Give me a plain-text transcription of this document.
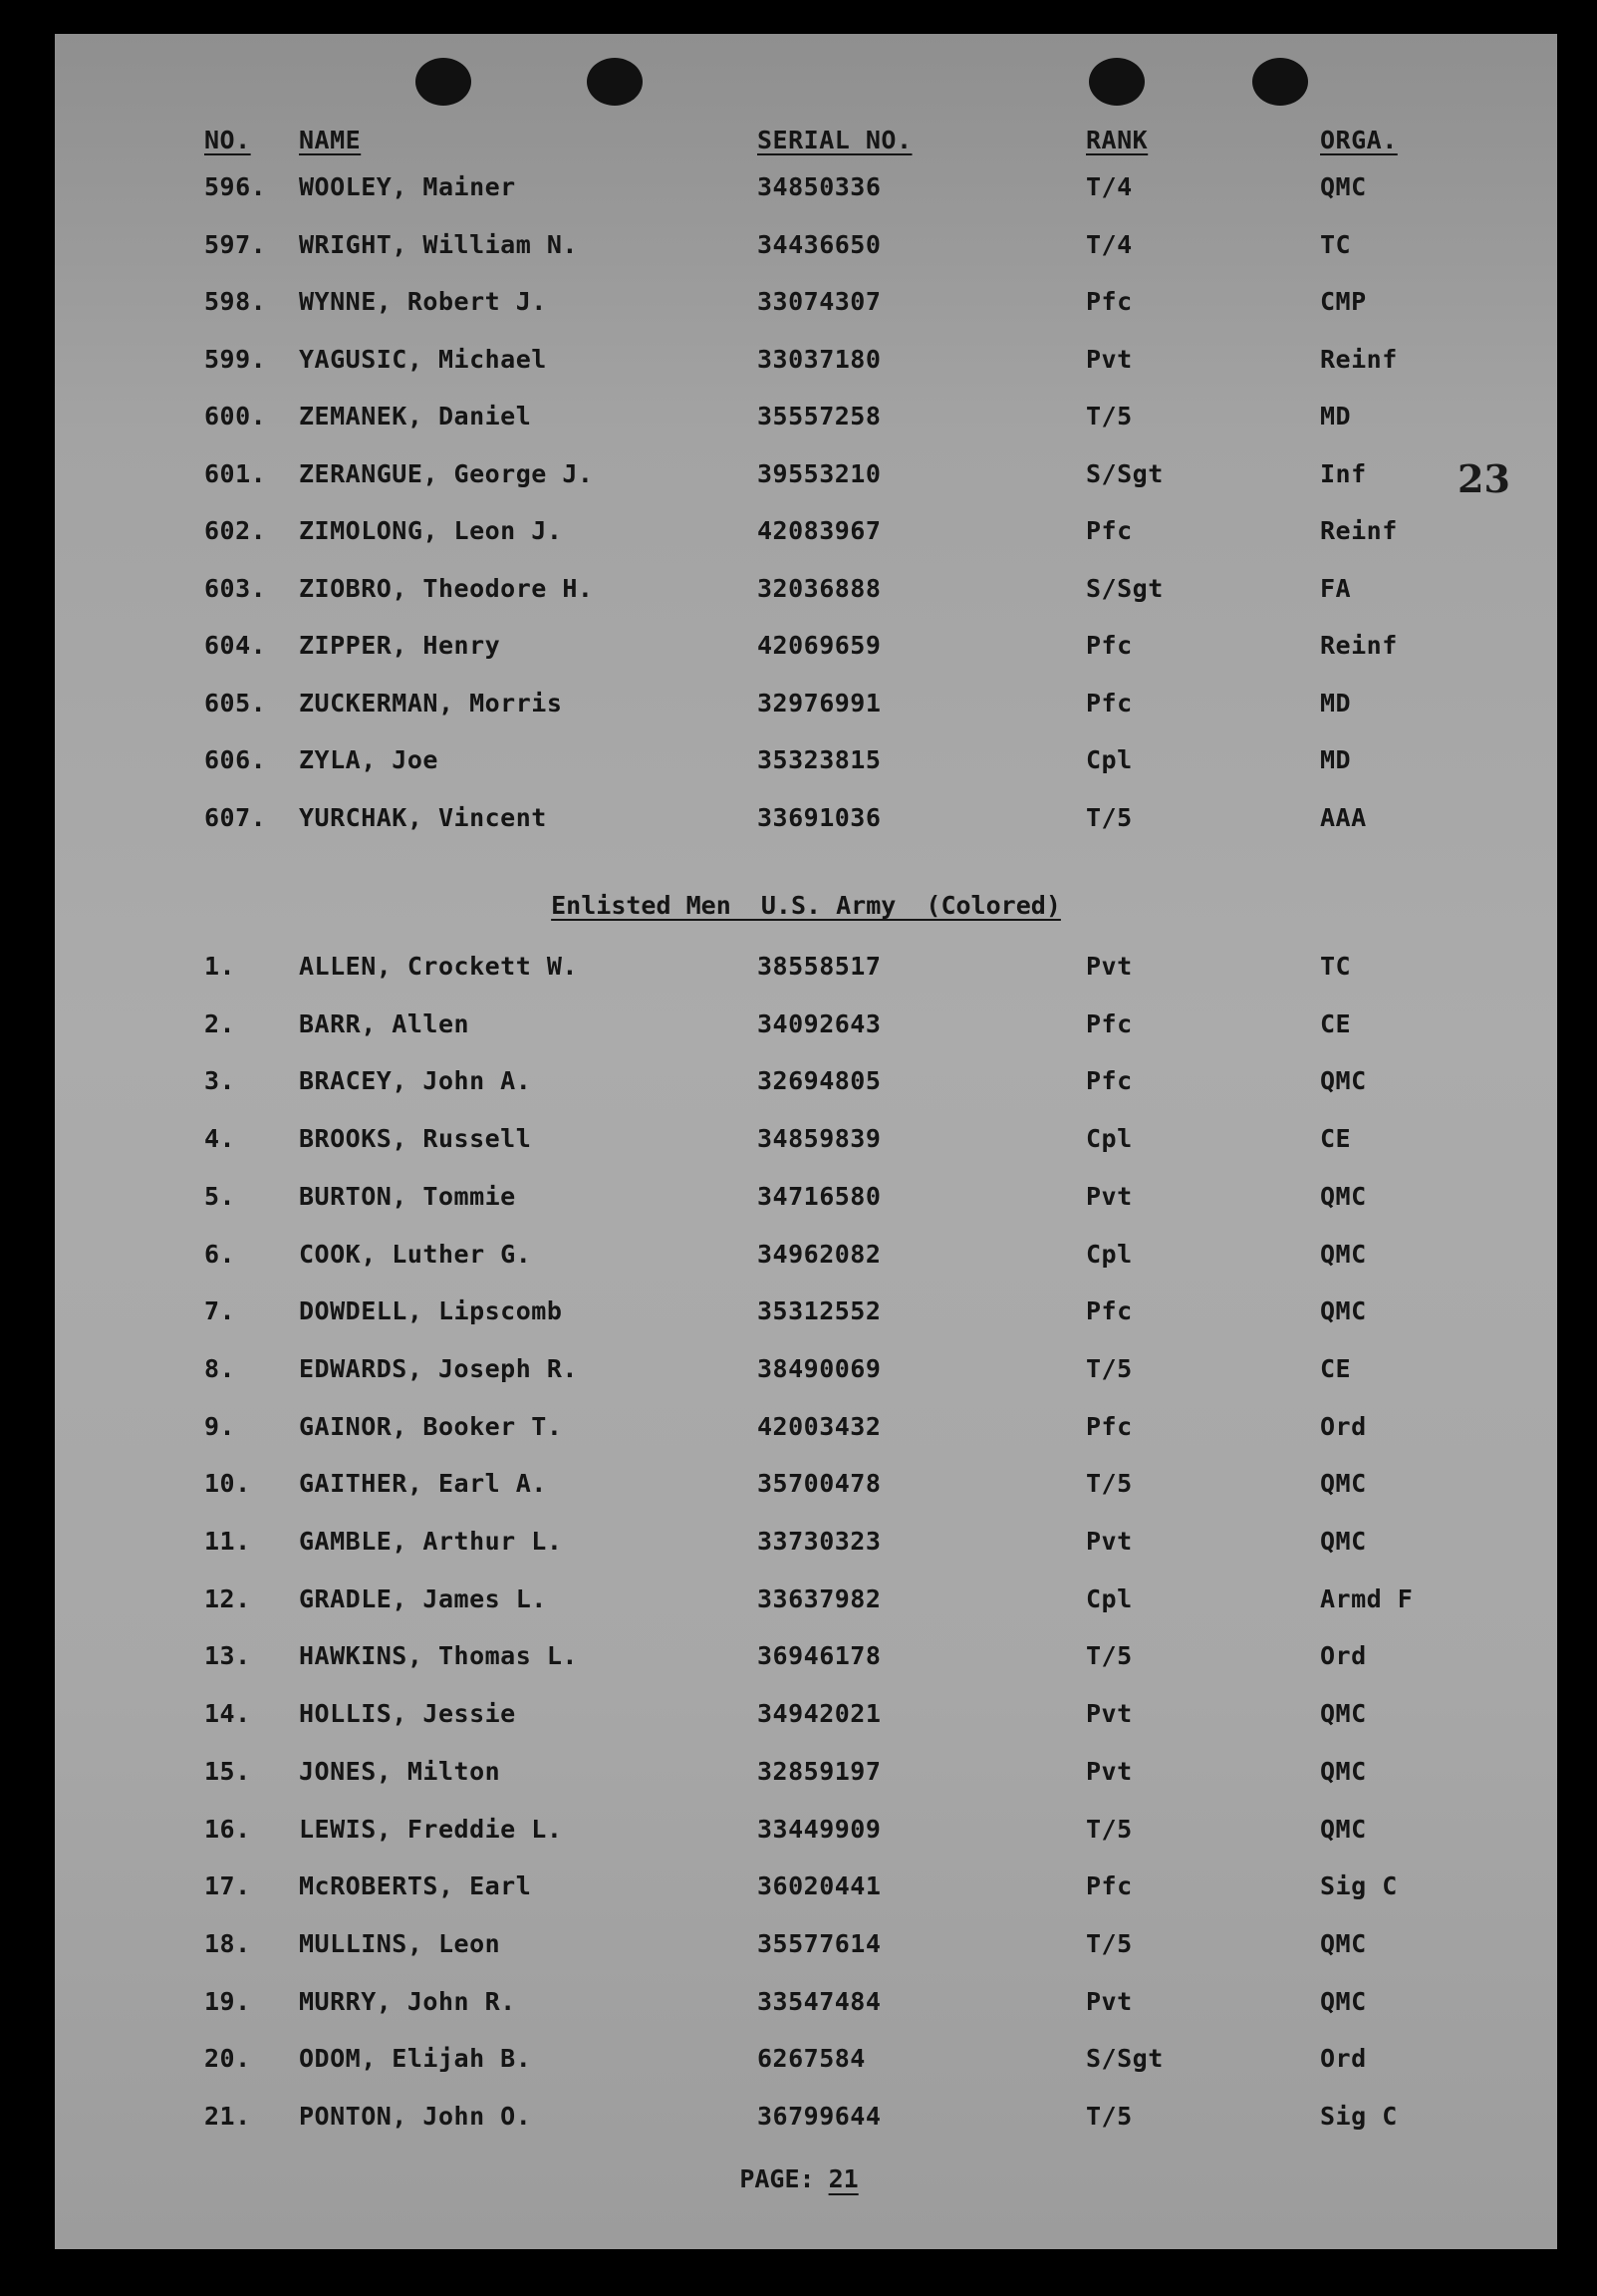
NO. NAME	SERIAL NO.	RANK	ORGA.
596. WOOLEY, Mainer	34850336	T/4	QMC
597. WRIGHT, William N.	34436650	T/4	TC
598. WYNNE, Robert J.	33074307	Pfc	CMP
599. YAGUSIC, Michael	33037180	Pvt	Reinf
600. ZEMANEK, Daniel	35557258	T/5	MD
601. ZERANGUE, George J.	39553210	S/Sgt	Inf
602. ZIMOLONG, Leon J.	42083967	Pfc	Reinf
603. ZIOBRO, Theodore H.	32036888	S/Sgt	FA
604. ZIPPER, Henry	42069659	Pfc	Reinf
605. ZUCKERMAN, Morris	32976991	Pfc	MD
606. ZYLA, Joe	35323815	Cpl	MD
607. YURCHAK, Vincent	33691036	T/5	AAA
Enlisted Men  U.S. Army  (Colored)
1.	ALLEN, Crockett W.	38558517	Pvt	TC
2.	BARR, Allen	34092643	Pfc	CE
3.	BRACEY, John A.	32694805	Pfc	QMC
4.	BROOKS, Russell	34859839	Cpl	CE
5.	BURTON, Tommie	34716580	Pvt	QMC
6.	COOK, Luther G.	34962082	Cpl	QMC
7.	DOWDELL, Lipscomb	35312552	Pfc	QMC
8.	EDWARDS, Joseph R.	38490069	T/5	CE
9.	GAINOR, Booker T.	42003432	Pfc	Ord
10. GAITHER, Earl A.	35700478	T/5	QMC
11. GAMBLE, Arthur L.	33730323	Pvt	QMC
12. GRADLE, James L.	33637982	Cpl	Armd F
13. HAWKINS, Thomas L.	36946178	T/5	Ord
14. HOLLIS, Jessie	34942021	Pvt	QMC
15. JONES, Milton	32859197	Pvt	QMC
16. LEWIS, Freddie L.	33449909	T/5	QMC
17. McROBERTS, Earl	36020441	Pfc	Sig C
18. MULLINS, Leon	35577614	T/5	QMC
19. MURRY, John R.	33547484	Pvt	QMC
20. ODOM, Elijah B.	6267584	S/Sgt	Ord
21. PONTON, John O.	36799644	T/5	Sig C
23
PAGE: 21
